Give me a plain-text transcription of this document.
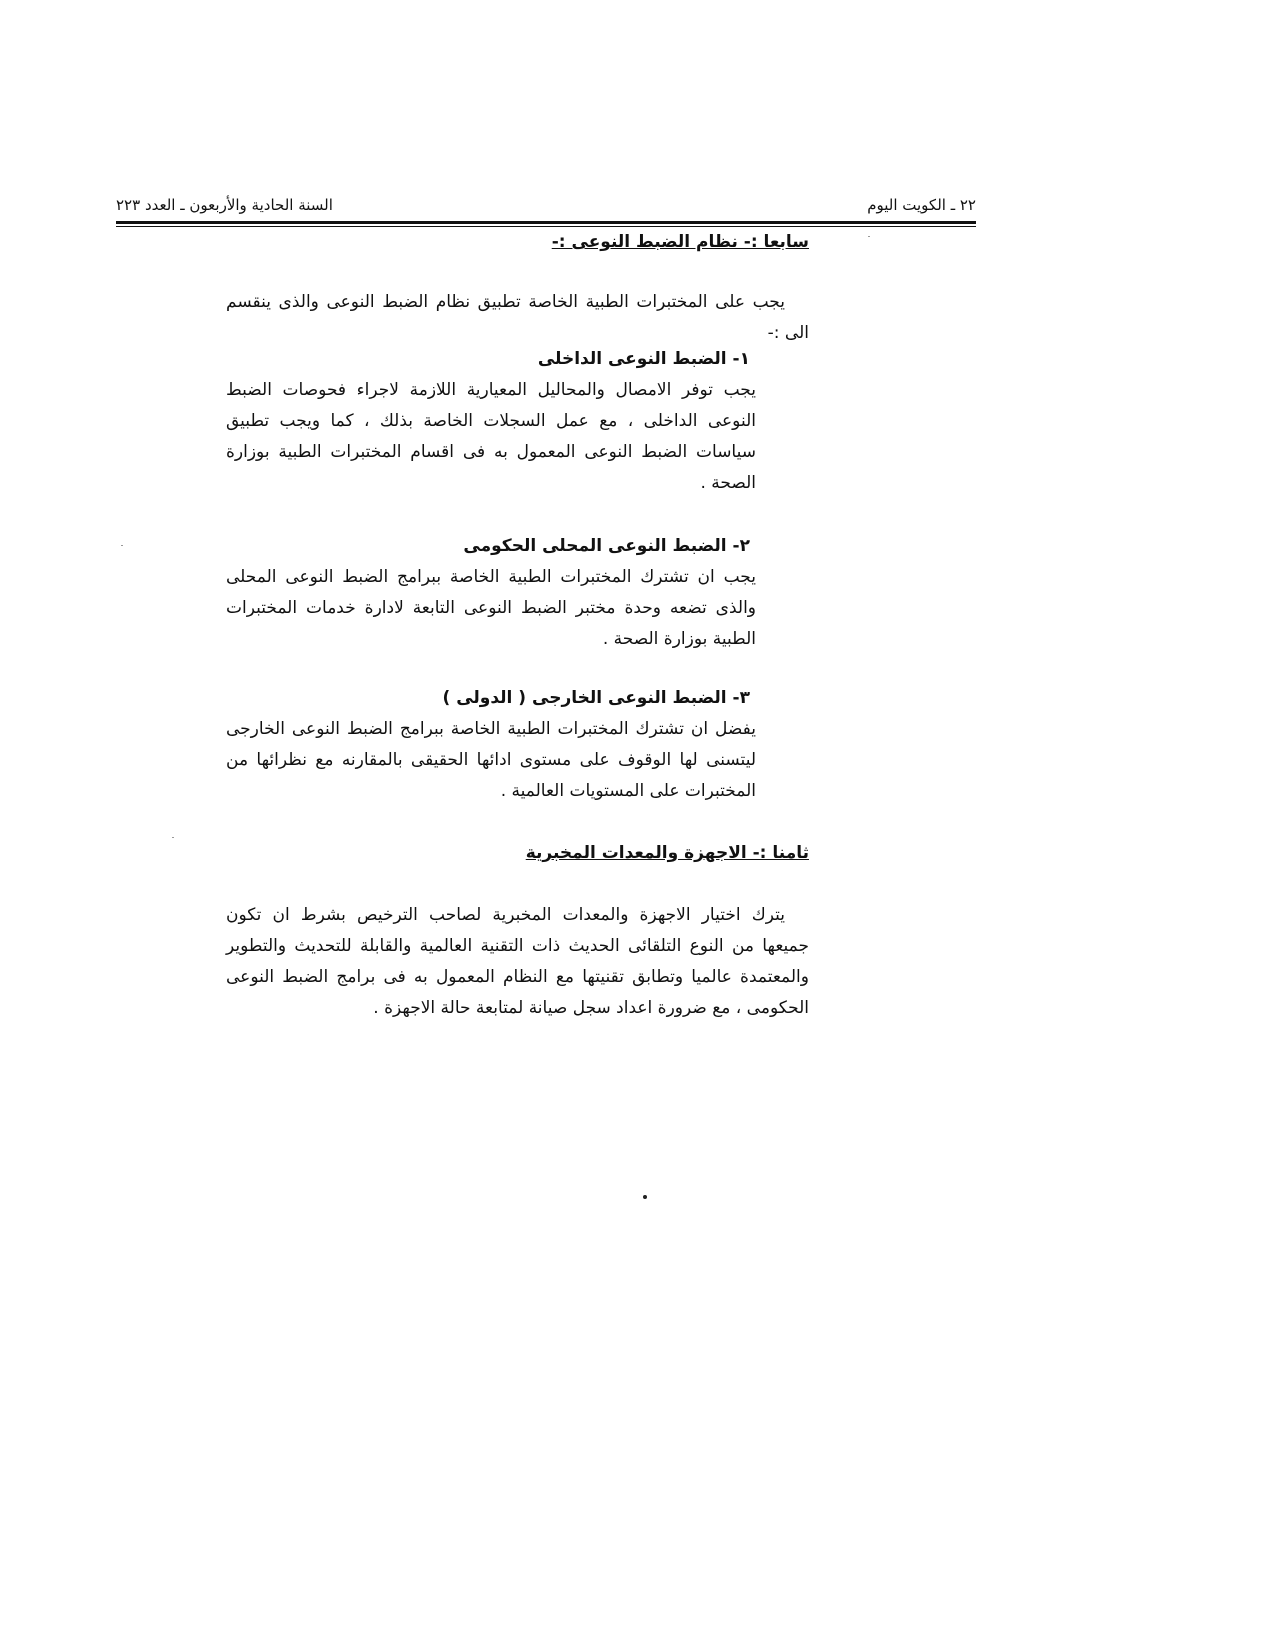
٢٢ ـ الكويت اليوم
السنة الحادية والأربعون ـ العدد ٢٢٣
سابعا :- نظام الضبط النوعى :-
يجب على المختبرات الطبية الخاصة تطبيق نظام الضبط النوعى والذى ينقسم الى :-
١- الضبط النوعى الداخلى
يجب توفر الامصال والمحاليل المعيارية اللازمة لاجراء فحوصات الضبط النوعى الداخلى ، مع عمل السجلات الخاصة بذلك ، كما ويجب تطبيق سياسات الضبط النوعى المعمول به فى اقسام المختبرات الطبية بوزارة الصحة .
٢- الضبط النوعى المحلى الحكومى
يجب ان تشترك المختبرات الطبية الخاصة ببرامج الضبط النوعى المحلى والذى تضعه وحدة مختبر الضبط النوعى التابعة لادارة خدمات المختبرات الطبية بوزارة الصحة .
٣- الضبط النوعى الخارجى ( الدولى )
يفضل ان تشترك المختبرات الطبية الخاصة ببرامج الضبط النوعى الخارجى ليتسنى لها الوقوف على مستوى ادائها الحقيقى بالمقارنه مع نظرائها من المختبرات على المستويات العالمية .
ثامنا :- الاجهزة والمعدات المخبرية
يترك اختيار الاجهزة والمعدات المخبرية لصاحب الترخيص بشرط ان تكون جميعها من النوع التلقائى الحديث ذات التقنية العالمية والقابلة للتحديث والتطوير والمعتمدة عالميا وتطابق تقنيتها مع النظام المعمول به فى برامج الضبط النوعى الحكومى ، مع ضرورة اعداد سجل صيانة لمتابعة حالة الاجهزة .
